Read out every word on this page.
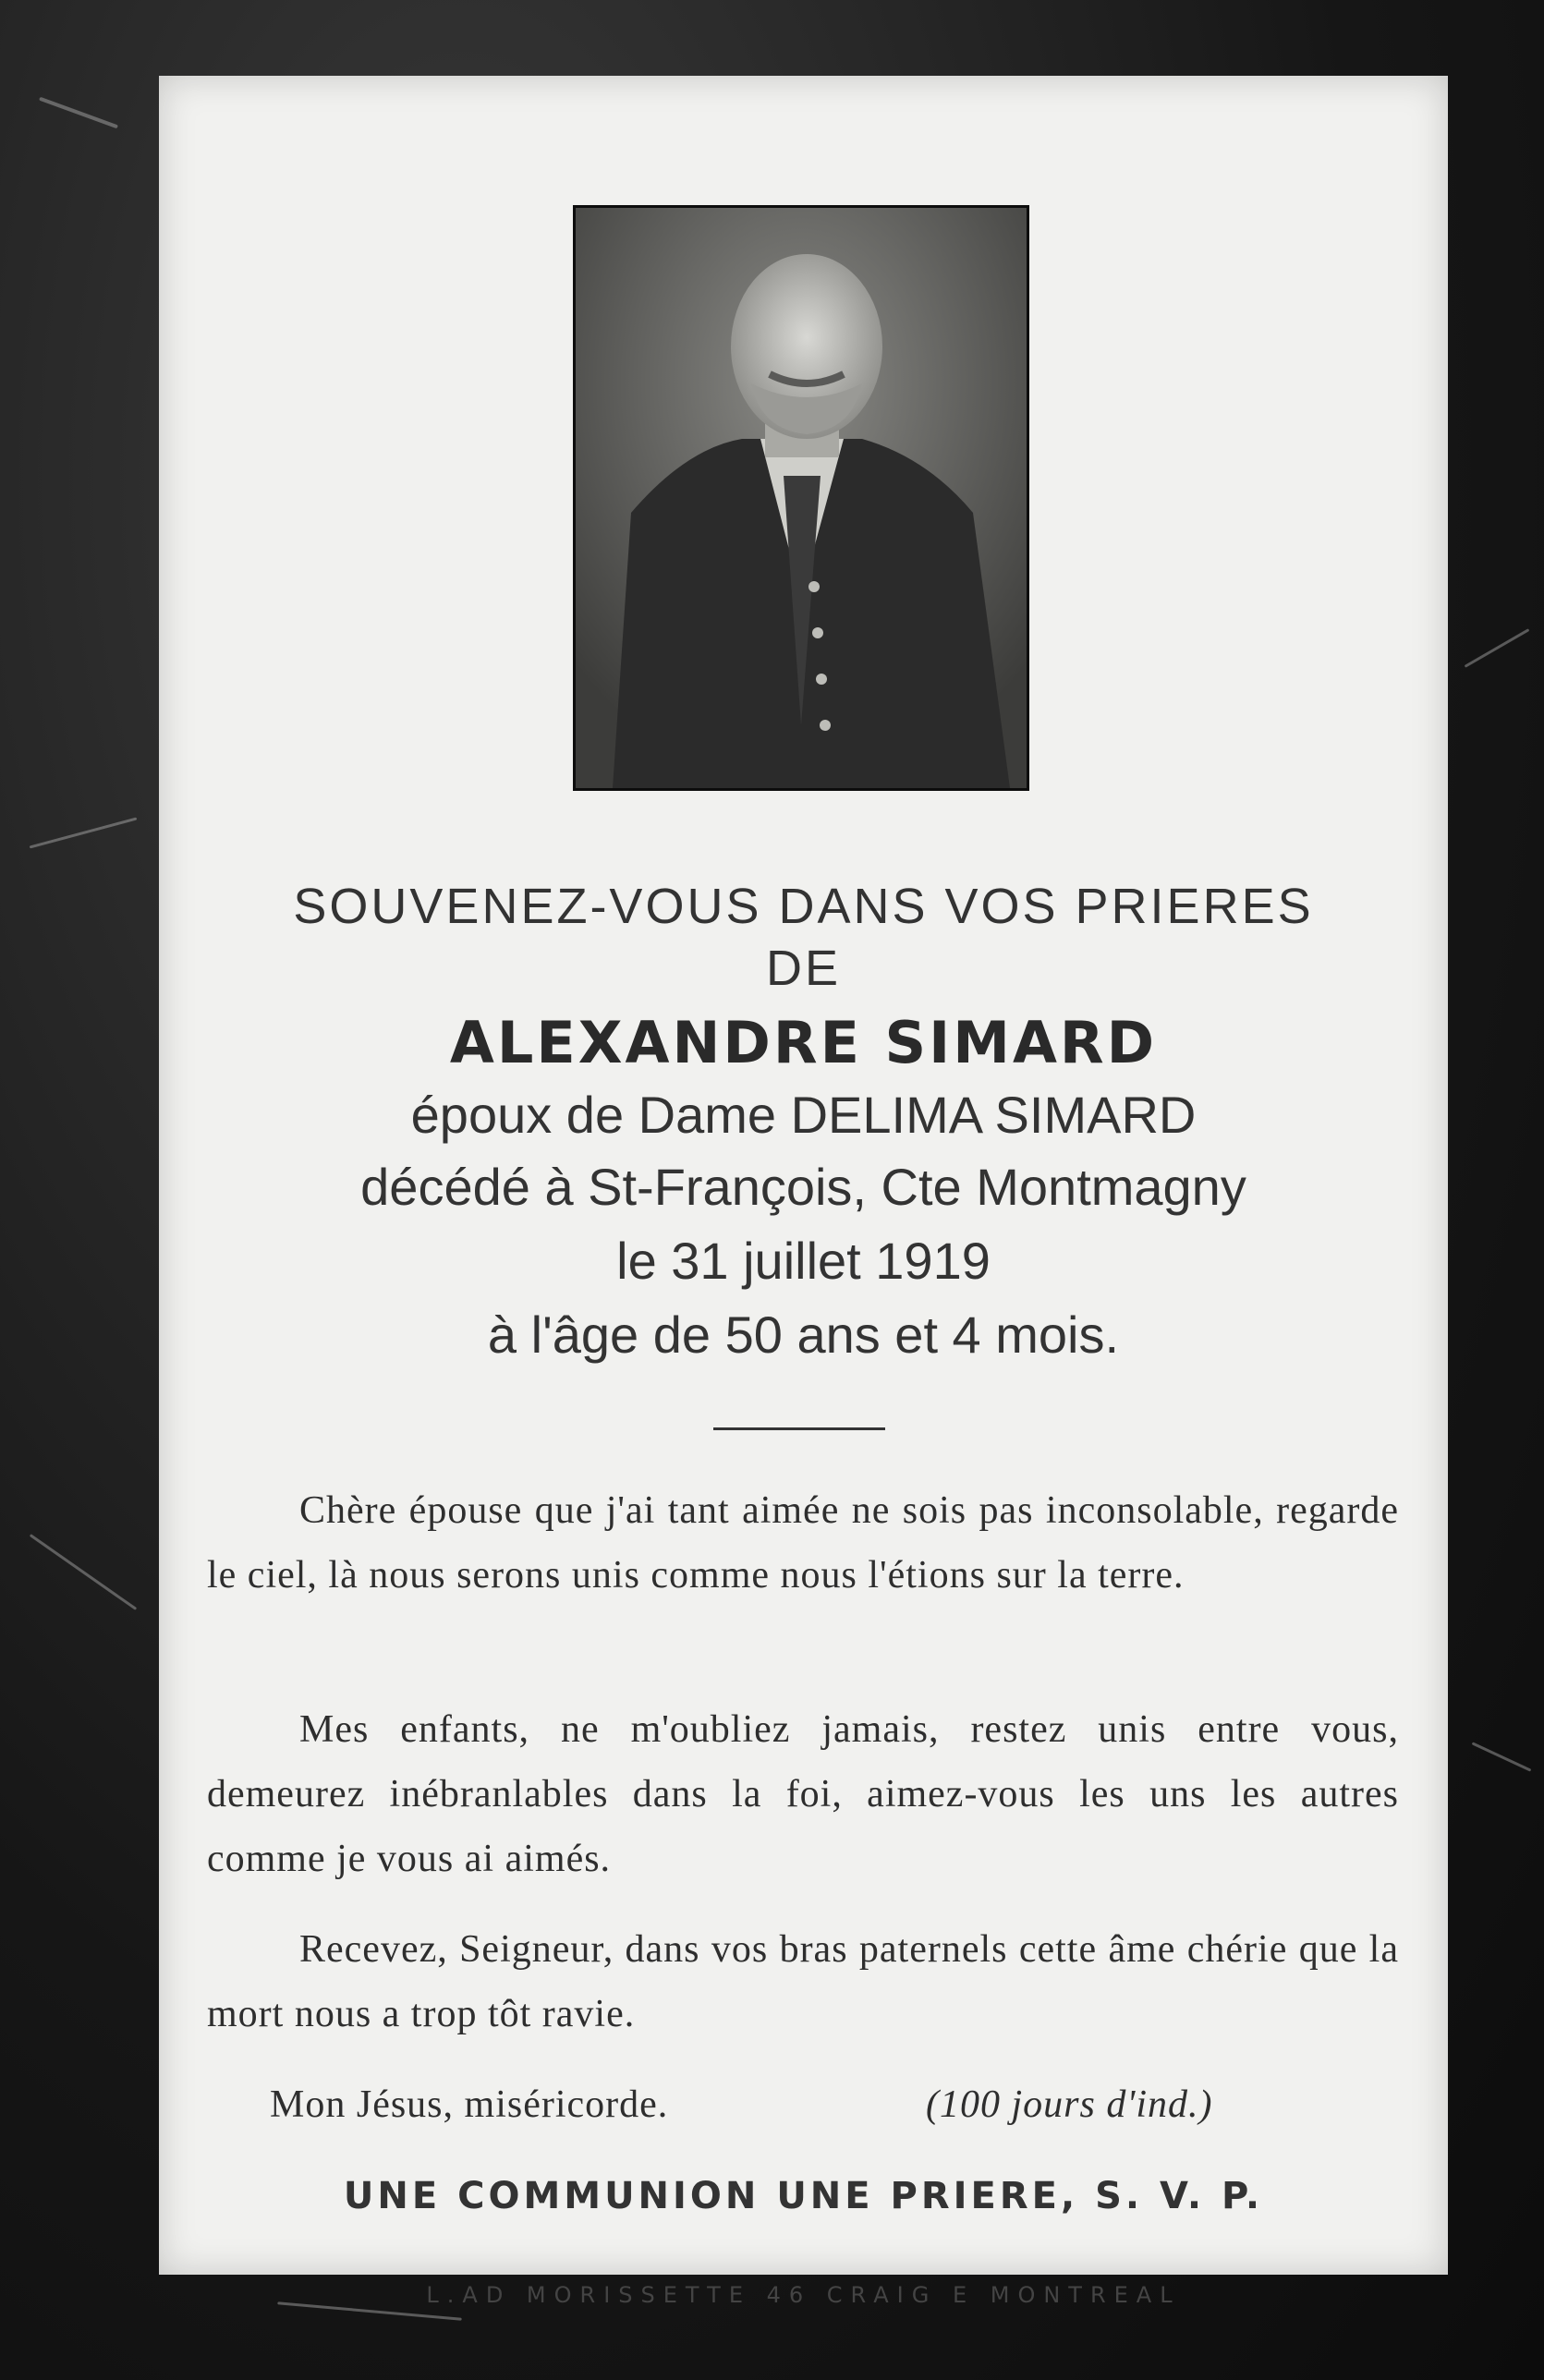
SOUVENEZ-VOUS DANS VOS PRIERES
DE
ALEXANDRE SIMARD
époux de Dame DELIMA SIMARD
décédé à St-François, Cte Montmagny
le 31 juillet 1919
à l'âge de 50 ans et 4 mois.
Chère épouse que j'ai tant aimée ne sois pas inconsolable, regarde le ciel, là nous serons unis comme nous l'étions sur la terre.
Mes enfants, ne m'oubliez jamais, restez unis entre vous, demeurez inébranlables dans la foi, aimez-vous les uns les autres comme je vous ai aimés.
Recevez, Seigneur, dans vos bras paternels cette âme chérie que la mort nous a trop tôt ravie.
Mon Jésus, miséricorde.	(100 jours d'ind.)
UNE COMMUNION UNE PRIERE, S. V. P.
L.AD MORISSETTE 46 CRAIG E MONTREAL
